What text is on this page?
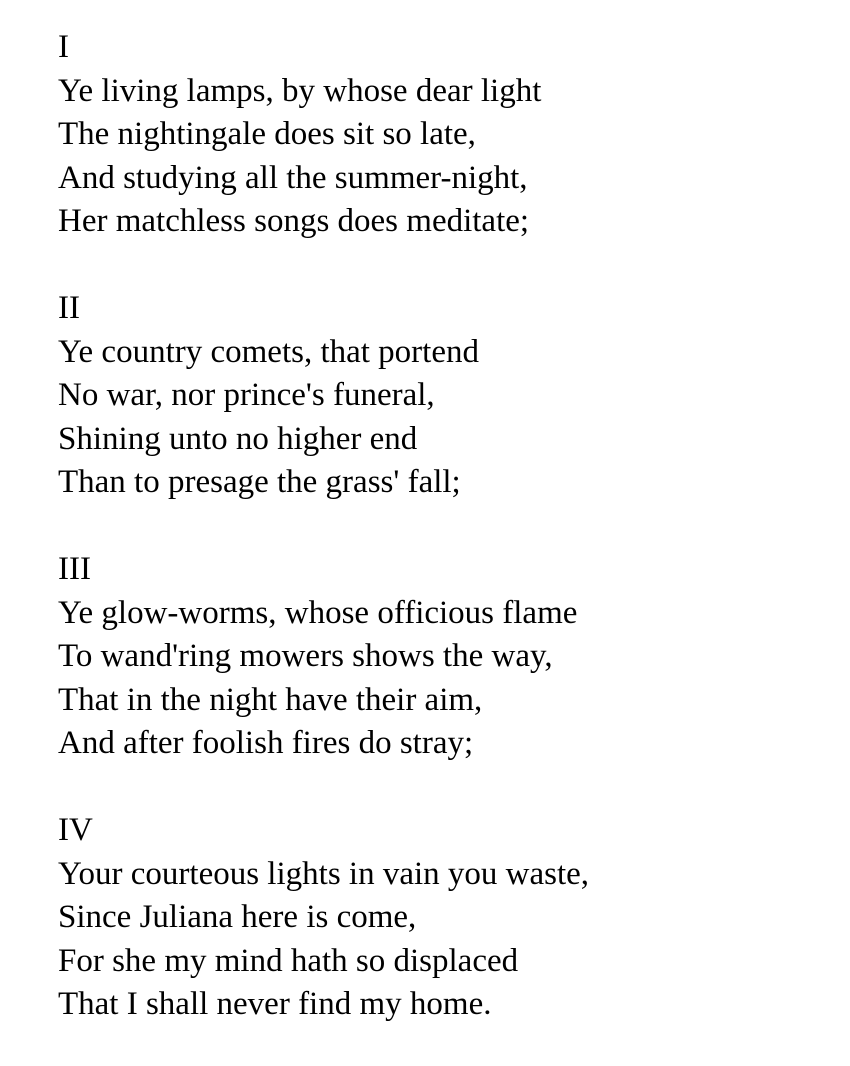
I
Ye living lamps, by whose dear light
The nightingale does sit so late,
And studying all the summer-night,
Her matchless songs does meditate;
II
Ye country comets, that portend
No war, nor prince's funeral,
Shining unto no higher end
Than to presage the grass' fall;
III
Ye glow-worms, whose officious flame
To wand'ring mowers shows the way,
That in the night have their aim,
And after foolish fires do stray;
IV
Your courteous lights in vain you waste,
Since Juliana here is come,
For she my mind hath so displaced
That I shall never find my home.
